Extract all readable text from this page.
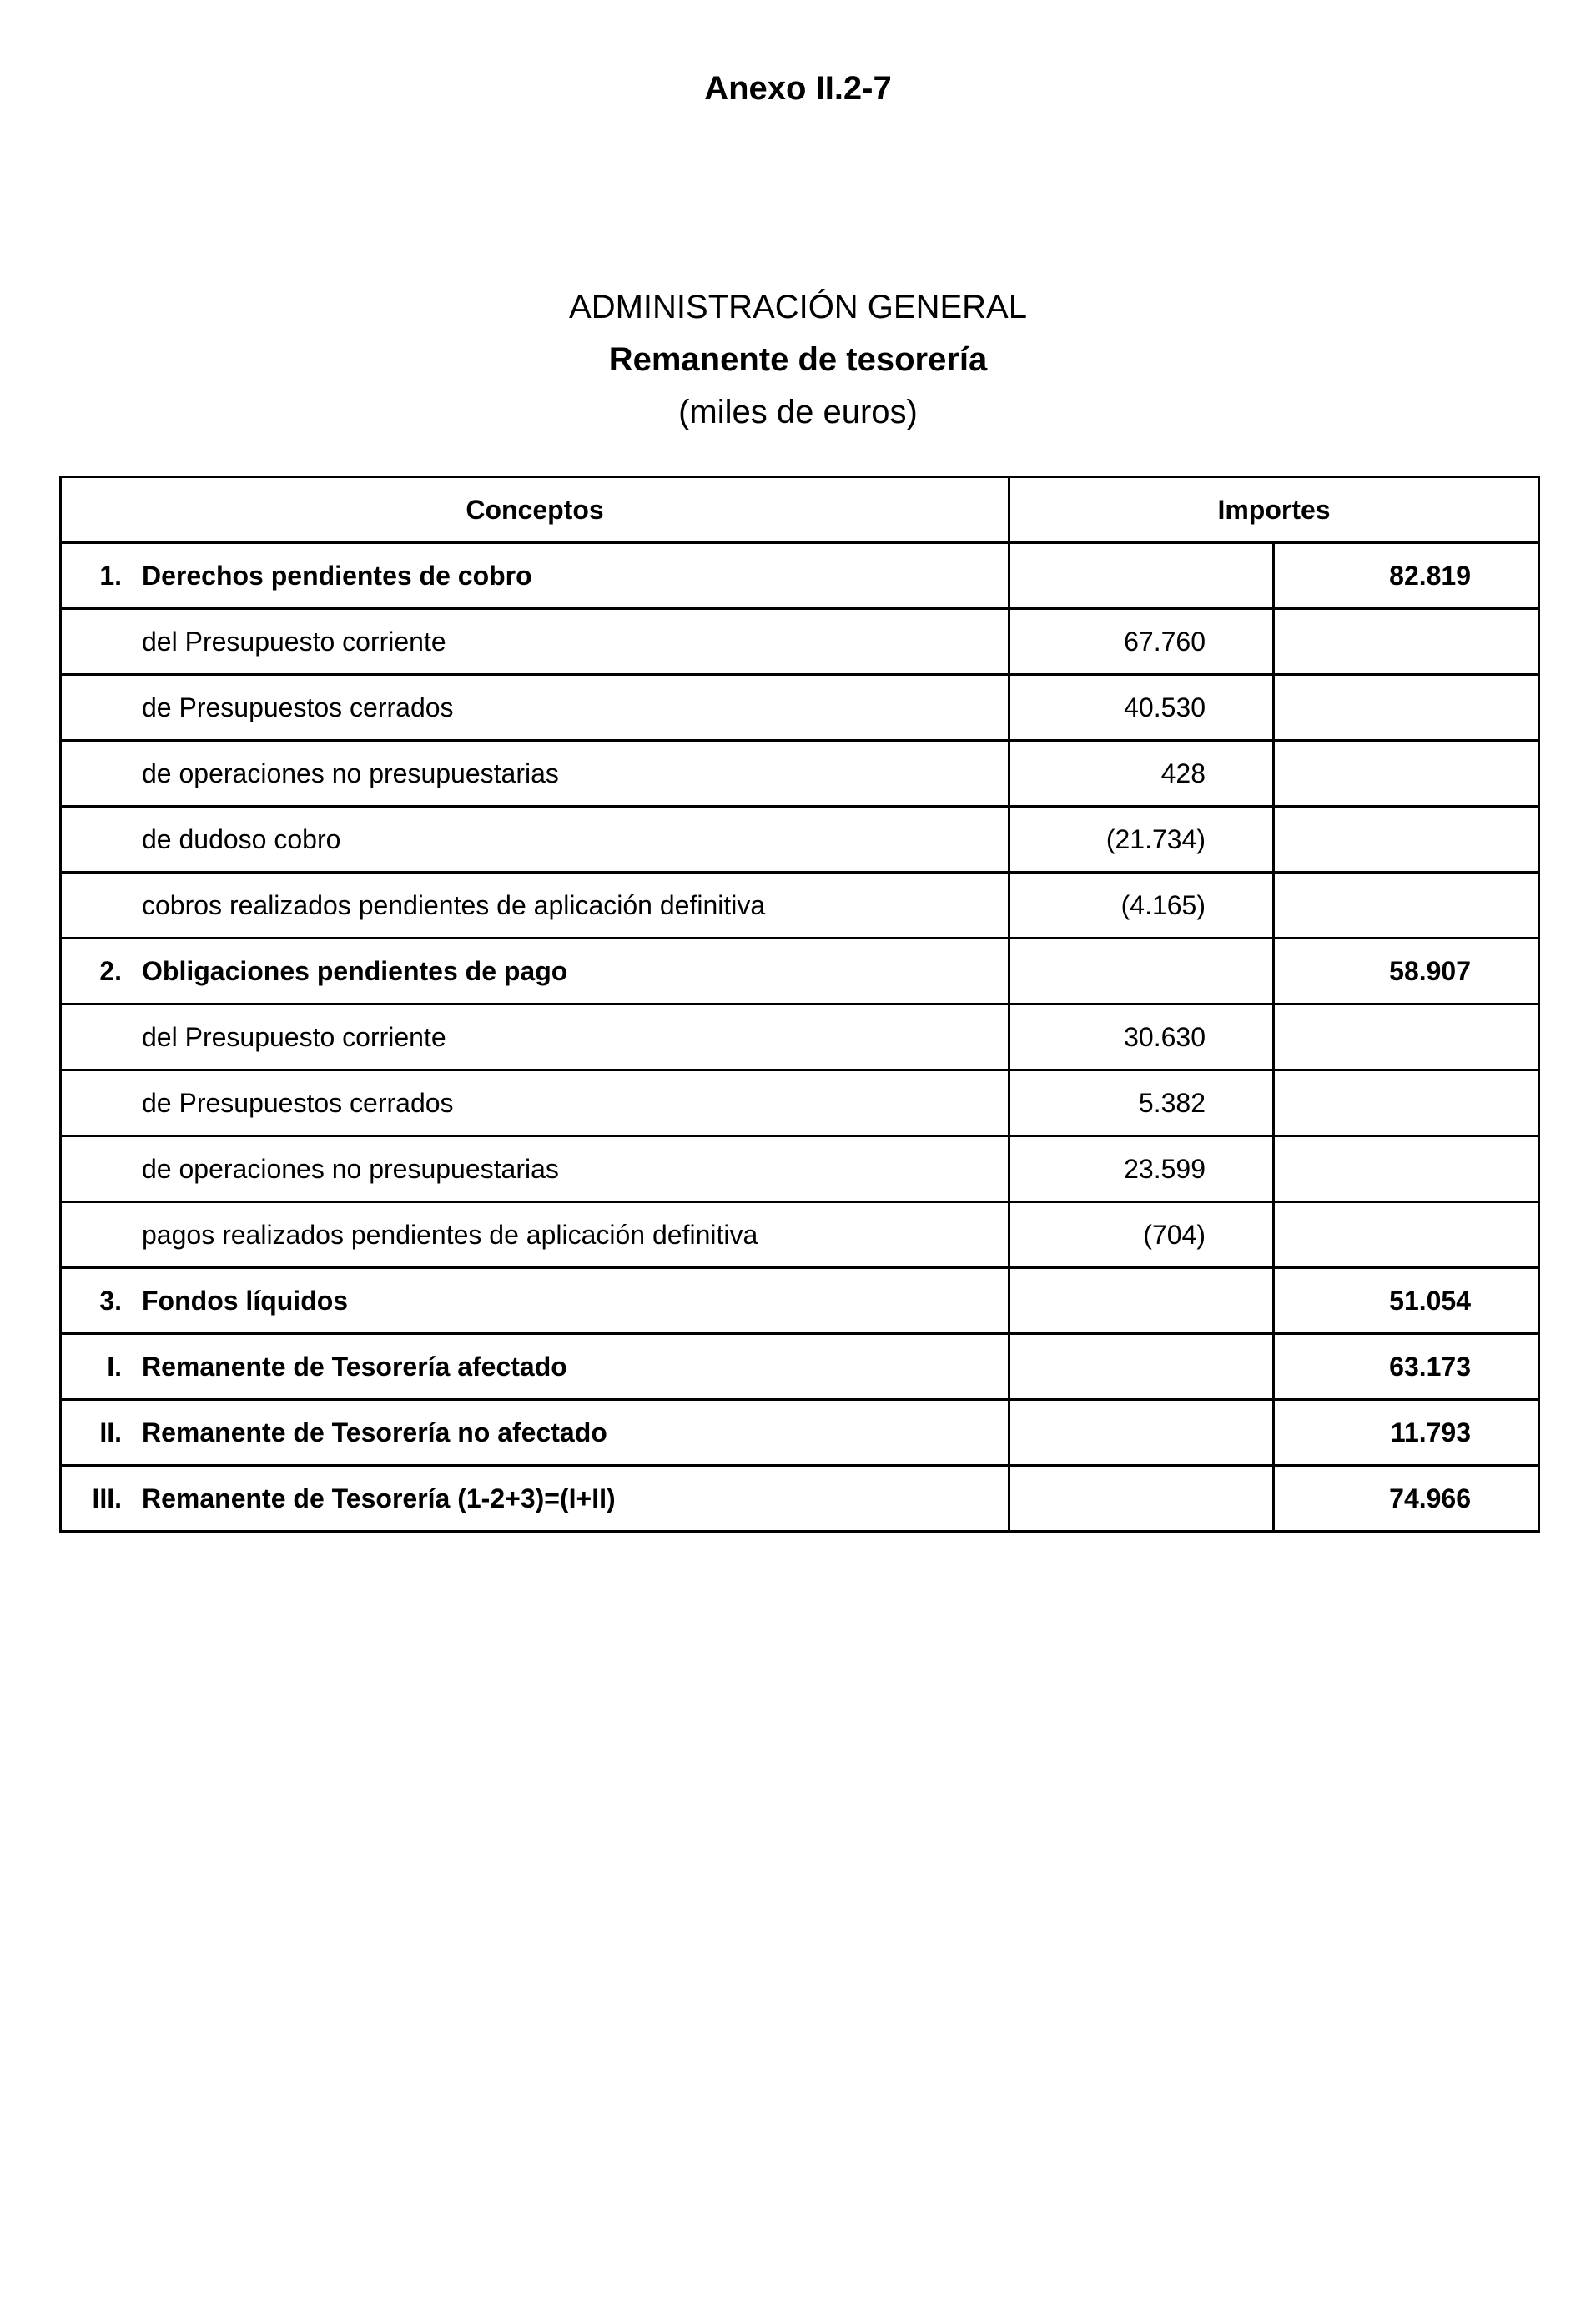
Anexo II.2-7
ADMINISTRACIÓN GENERAL
Remanente de tesorería
(miles de euros)
Conceptos	Importes	

1. Derechos pendientes de cobro		82.819

del Presupuesto corriente	67.760	

de Presupuestos cerrados	40.530	

de operaciones no presupuestarias	428	

de dudoso cobro	(21.734)	

cobros realizados pendientes de aplicación definitiva	(4.165)	

2. Obligaciones pendientes de pago		58.907

del Presupuesto corriente	30.630	

de Presupuestos cerrados	5.382	

de operaciones no presupuestarias	23.599	

pagos realizados pendientes de aplicación definitiva	(704)	

3. Fondos líquidos		51.054

I. Remanente de Tesorería afectado		63.173

II. Remanente de Tesorería no afectado		11.793

III. Remanente de Tesorería (1-2+3)=(I+II)		74.966
